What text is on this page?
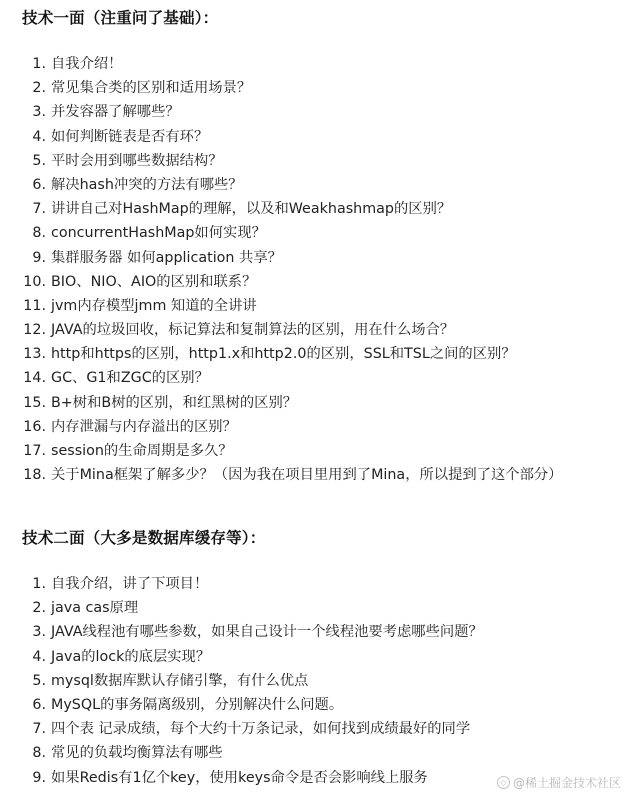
技术一面（注重问了基础）：
1. 自我介绍！
2. 常见集合类的区别和适用场景？
3. 并发容器了解哪些？
4. 如何判断链表是否有环？
5. 平时会用到哪些数据结构？
6. 解决hash冲突的方法有哪些？
7. 讲讲自己对HashMap的理解，以及和Weakhashmap的区别？
8. concurrentHashMap如何实现？
9. 集群服务器 如何application 共享？
10. BIO、NIO、AIO的区别和联系？
11. jvm内存模型jmm 知道的全讲讲
12. JAVA的垃圾回收，标记算法和复制算法的区别，用在什么场合？
13. http和https的区别，http1.x和http2.0的区别，SSL和TSL之间的区别？
14. GC、G1和ZGC的区别？
15. B+树和B树的区别，和红黑树的区别？
16. 内存泄漏与内存溢出的区别？
17. session的生命周期是多久？
18. 关于Mina框架了解多少？（因为我在项目里用到了Mina，所以提到了这个部分）
技术二面（大多是数据库缓存等）：
1. 自我介绍，讲了下项目！
2. java cas原理
3. JAVA线程池有哪些参数，如果自己设计一个线程池要考虑哪些问题？
4. Java的lock的底层实现？
5. mysql数据库默认存储引擎，有什么优点
6. MySQL的事务隔离级别，分别解决什么问题。
7. 四个表 记录成绩，每个大约十万条记录，如何找到成绩最好的同学
8. 常见的负载均衡算法有哪些
9. 如果Redis有1亿个key，使用keys命令是否会影响线上服务	◇ @稀土掘金技术社区
